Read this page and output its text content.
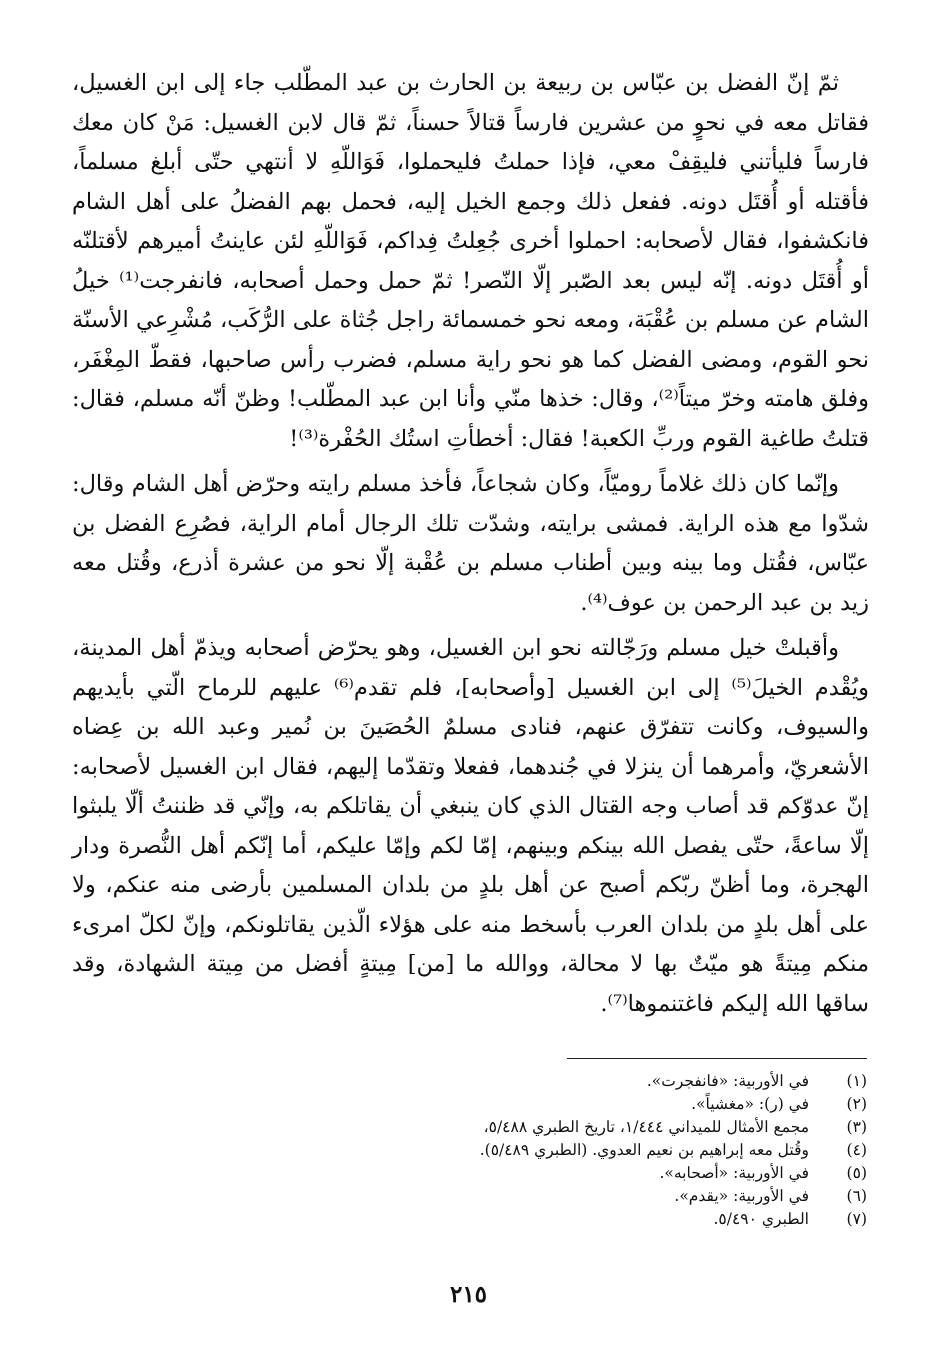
ثمّ إنّ الفضل بن عبّاس بن ربيعة بن الحارث بن عبد المطّلب جاء إلى ابن الغسيل، فقاتل معه في نحوٍ من عشرين فارساً قتالاً حسناً، ثمّ قال لابن الغسيل: مَنْ كان معك فارساً فليأتني فليقِفْ معي، فإذا حملتُ فليحملوا، فَوَاللّهِ لا أنتهي حتّى أبلغ مسلماً، فأقتله أو أُقتَل دونه. ففعل ذلك وجمع الخيل إليه، فحمل بهم الفضلُ على أهل الشام فانكشفوا، فقال لأصحابه: احملوا أخرى جُعِلتُ فِداكم، فَوَاللّهِ لئن عاينتُ أميرهم لأقتلنّه أو أُقتَل دونه. إنّه ليس بعد الصّبر إلّا النّصر! ثمّ حمل وحمل أصحابه، فانفرجت⁽¹⁾ خيلُ الشام عن مسلم بن عُقْبَة، ومعه نحو خمسمائة راجل جُثاة على الرُّكَب، مُشْرِعي الأسنّة نحو القوم، ومضى الفضل كما هو نحو راية مسلم، فضرب رأس صاحبها، فقطّ المِغْفَر، وفلق هامته وخرّ ميتاً⁽²⁾، وقال: خذها منّي وأنا ابن عبد المطّلب! وظنّ أنّه مسلم، فقال: قتلتُ طاغية القوم وربِّ الكعبة! فقال: أخطأتِ استُك الحُفْرة⁽³⁾!

وإنّما كان ذلك غلاماً روميّاً، وكان شجاعاً، فأخذ مسلم رايته وحرّض أهل الشام وقال: شدّوا مع هذه الراية. فمشى برايته، وشدّت تلك الرجال أمام الراية، فصُرِع الفضل بن عبّاس، فقُتل وما بينه وبين أطناب مسلم بن عُقْبة إلّا نحو من عشرة أذرع، وقُتل معه زيد بن عبد الرحمن بن عوف⁽⁴⁾.

وأقبلتْ خيل مسلم ورَجّالته نحو ابن الغسيل، وهو يحرّض أصحابه ويذمّ أهل المدينة، ويُقْدم الخيلَ⁽⁵⁾ إلى ابن الغسيل [وأصحابه]، فلم تقدم⁽⁶⁾ عليهم للرماح الّتي بأيديهم والسيوف، وكانت تتفرّق عنهم، فنادى مسلمٌ الحُصَينَ بن نُمير وعبد الله بن عِضاه الأشعريّ، وأمرهما أن ينزلا في جُندهما، ففعلا وتقدّما إليهم، فقال ابن الغسيل لأصحابه: إنّ عدوّكم قد أصاب وجه القتال الذي كان ينبغي أن يقاتلكم به، وإنّي قد ظننتُ ألّا يلبثوا إلّا ساعةً، حتّى يفصل الله بينكم وبينهم، إمّا لكم وإمّا عليكم، أما إنّكم أهل النُّصرة ودار الهجرة، وما أظنّ ربّكم أصبح عن أهل بلدٍ من بلدان المسلمين بأرضى منه عنكم، ولا على أهل بلدٍ من بلدان العرب بأسخط منه على هؤلاء الّذين يقاتلونكم، وإنّ لكلّ امرىء منكم مِيتةً هو ميّتٌ بها لا محالة، ووالله ما [من] مِيتةٍ أفضل من مِيتة الشهادة، وقد ساقها الله إليكم فاغتنموها⁽⁷⁾.

(١)
في الأوربية: «فانفجرت».
(٢)
في (ر): «مغشياً».
(٣)
مجمع الأمثال للميداني ١/٤٤٤، تاريخ الطبري ٥/٤٨٨،
(٤)
وقُتل معه إبراهيم بن نعيم العدوي. (الطبري ٥/٤٨٩).
(٥)
في الأوربية: «أصحابه».
(٦)
في الأوربية: «يقدم».
(٧)
الطبري ٥/٤٩٠.
٢١٥
